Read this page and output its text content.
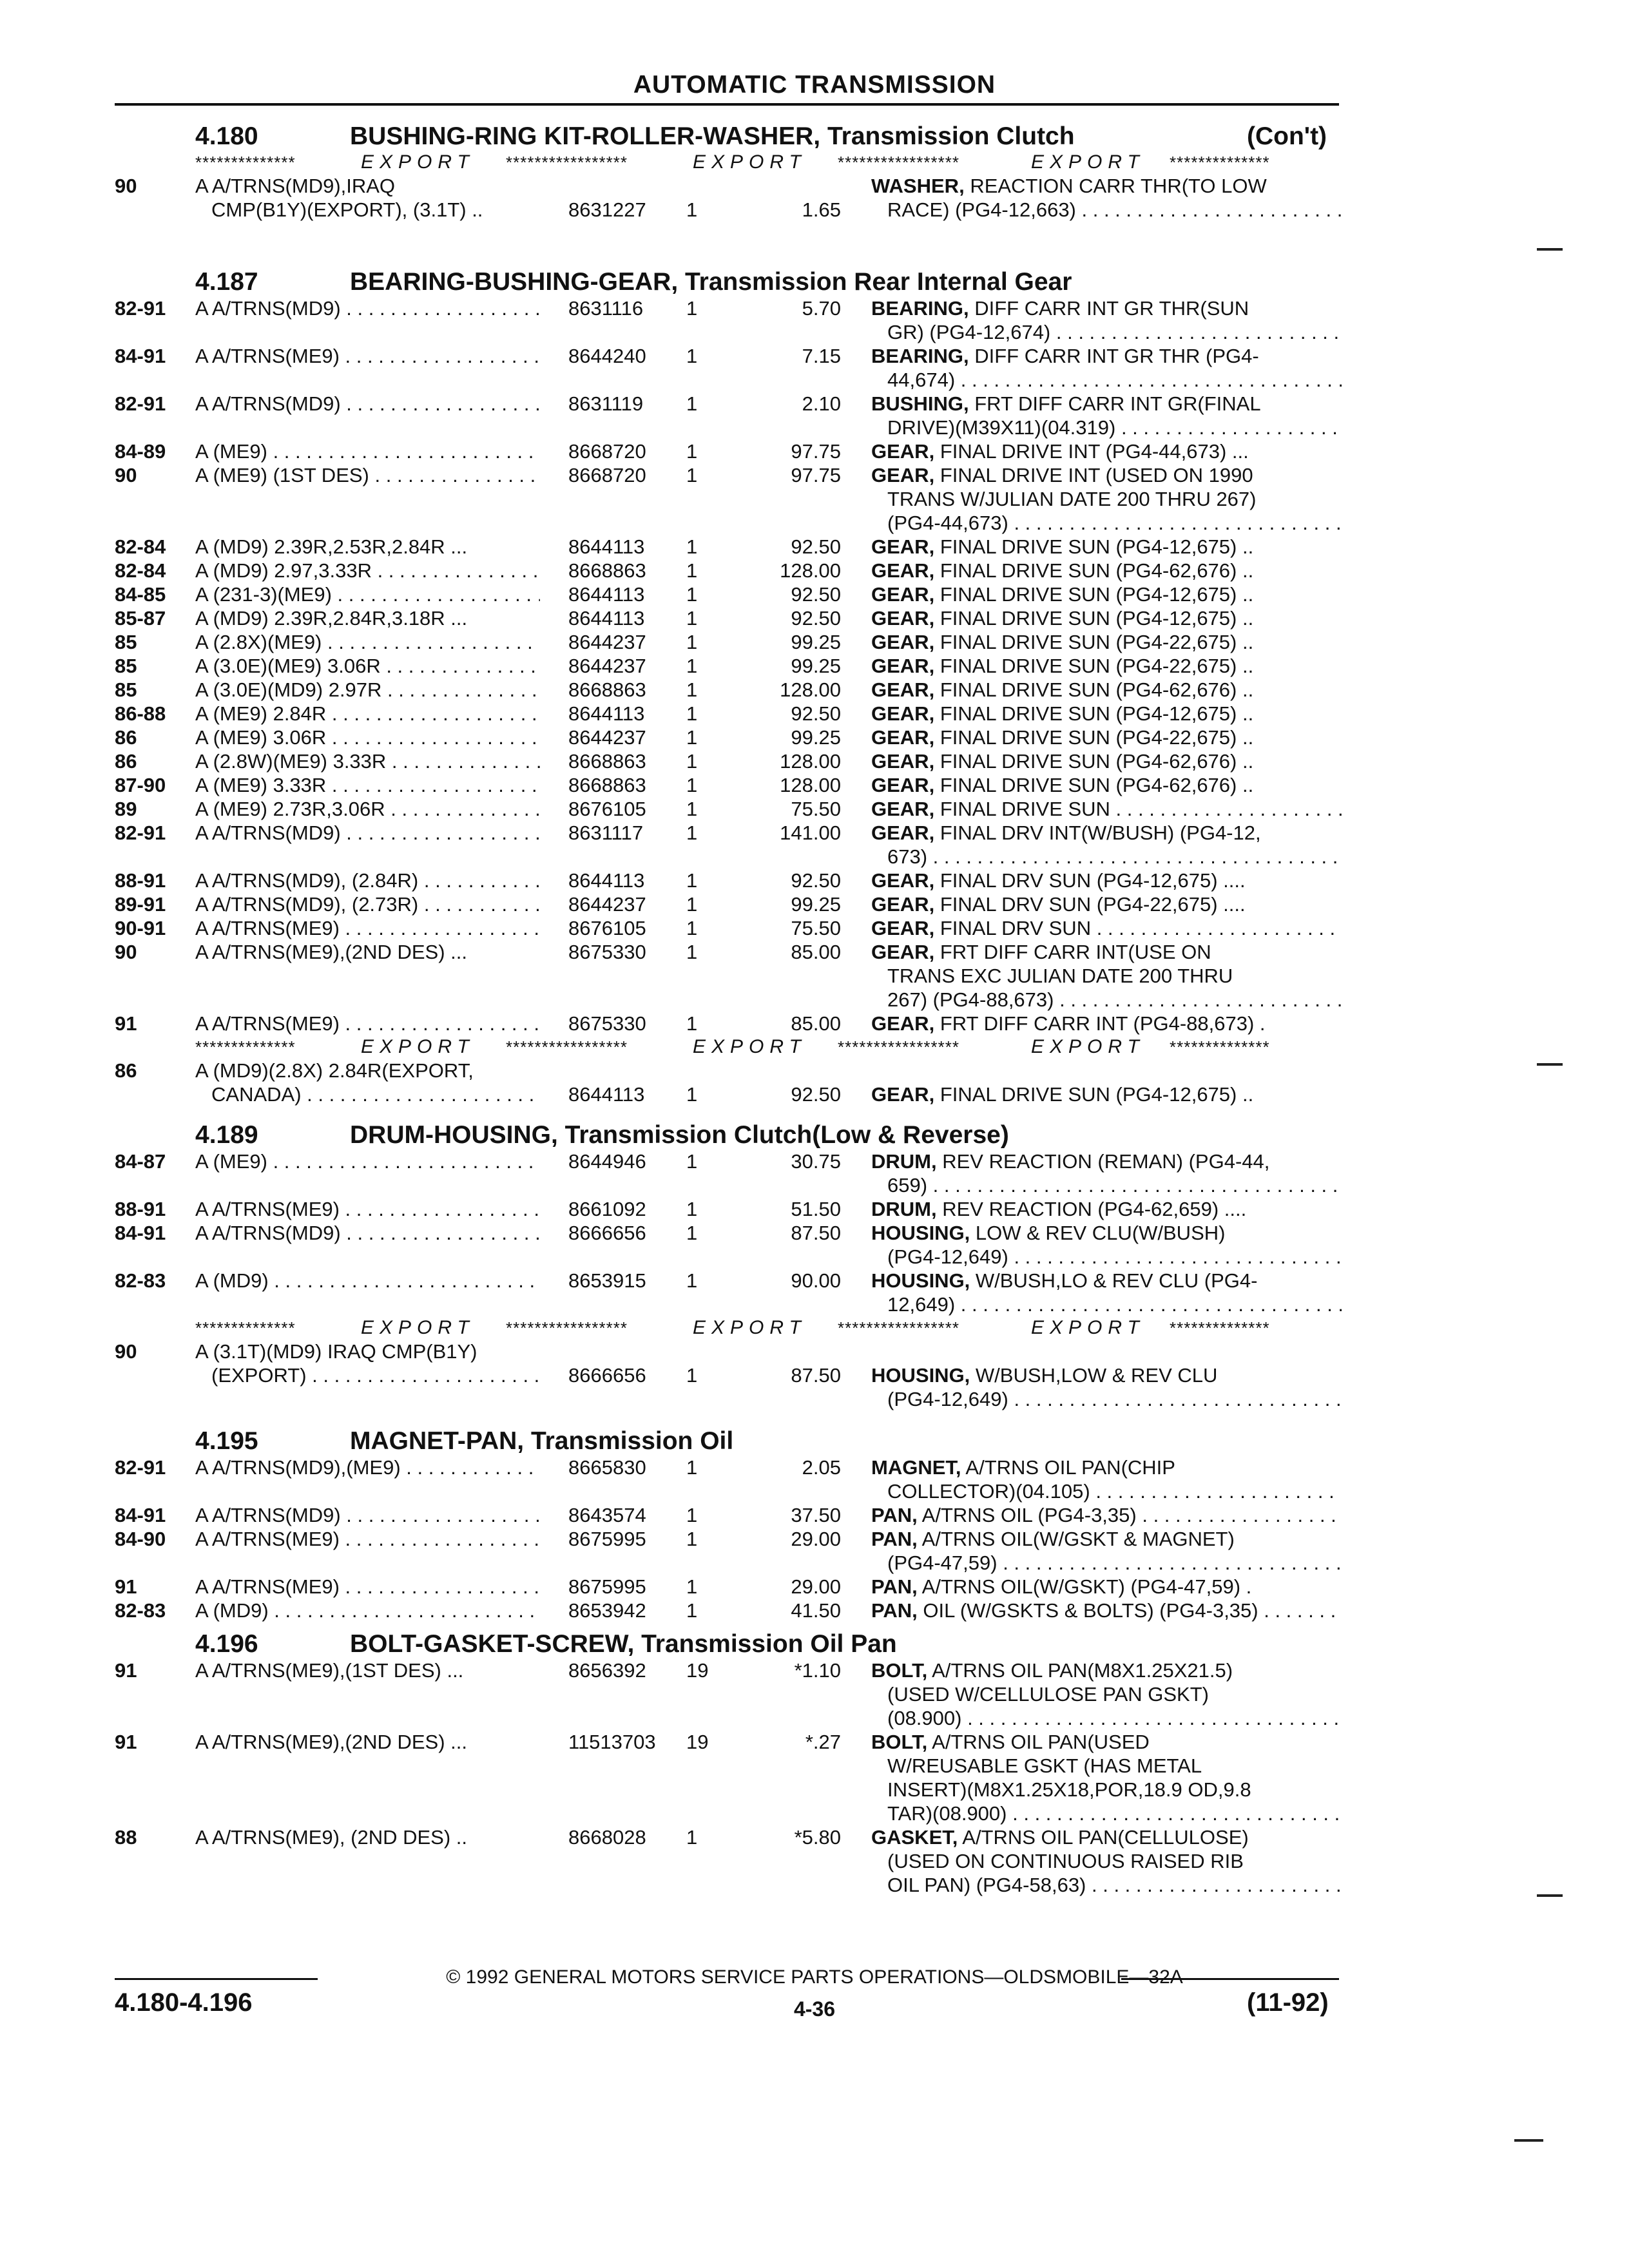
AUTOMATIC TRANSMISSION
4.180	BUSHING-RING KIT-ROLLER-WASHER, Transmission Clutch	(Con't)
**************	EXPORT *****************	EXPORT *****************	EXPORT **************
90	A A/TRNS(MD9),IRAQ
CMP(B1Y)(EXPORT), (3.1T) ..	8631227 1	1.65
WASHER, REACTION CARR THR(TO LOW
RACE) (PG4-12,663) . . .
4.187	BEARING-BUSHING-GEAR, Transmission Rear Internal Gear
82-91 A A/TRNS(MD9) . . .	8631116 1	5.70 BEARING, DIFF CARR INT GR THR(SUN
GR) (PG4-12,674) . . .
84-91 A A/TRNS(ME9) . . .	8644240 1	7.15 BEARING, DIFF CARR INT GR THR (PG4-
44,674) . . .
82-91 A A/TRNS(MD9) . . .	8631119 1	2.10 BUSHING, FRT DIFF CARR INT GR(FINAL
DRIVE)(M39X11)(04.319) . . .
84-89 A (ME9) . . .	8668720 1	97.75 GEAR, FINAL DRIVE INT (PG4-44,673) ...
90	A (ME9) (1ST DES) . . .	8668720 1	97.75 GEAR, FINAL DRIVE INT (USED ON 1990
TRANS W/JULIAN DATE 200 THRU 267)
(PG4-44,673) . . .
82-84 A (MD9) 2.39R,2.53R,2.84R ...	8644113 1	92.50 GEAR, FINAL DRIVE SUN (PG4-12,675) ..
82-84 A (MD9) 2.97,3.33R . . .	8668863 1	128.00 GEAR, FINAL DRIVE SUN (PG4-62,676) ..
84-85 A (231-3)(ME9) . . .	8644113 1	92.50 GEAR, FINAL DRIVE SUN (PG4-12,675) ..
85-87 A (MD9) 2.39R,2.84R,3.18R ...	8644113 1	92.50 GEAR, FINAL DRIVE SUN (PG4-12,675) ..
85	A (2.8X)(ME9) . . .	8644237 1	99.25 GEAR, FINAL DRIVE SUN (PG4-22,675) ..
85	A (3.0E)(ME9) 3.06R . . .	8644237 1	99.25 GEAR, FINAL DRIVE SUN (PG4-22,675) ..
85	A (3.0E)(MD9) 2.97R . . .	8668863 1	128.00 GEAR, FINAL DRIVE SUN (PG4-62,676) ..
86-88 A (ME9) 2.84R . . .	8644113 1	92.50 GEAR, FINAL DRIVE SUN (PG4-12,675) ..
86	A (ME9) 3.06R . . .	8644237 1	99.25 GEAR, FINAL DRIVE SUN (PG4-22,675) ..
86	A (2.8W)(ME9) 3.33R . . .	8668863 1	128.00 GEAR, FINAL DRIVE SUN (PG4-62,676) ..
87-90 A (ME9) 3.33R . . .	8668863 1	128.00 GEAR, FINAL DRIVE SUN (PG4-62,676) ..
89	A (ME9) 2.73R,3.06R . . .	8676105 1	75.50 GEAR, FINAL DRIVE SUN . . .
82-91 A A/TRNS(MD9) . . .	8631117 1	141.00 GEAR, FINAL DRV INT(W/BUSH) (PG4-12,
673) . . .
88-91 A A/TRNS(MD9), (2.84R) . . .	8644113 1	92.50 GEAR, FINAL DRV SUN (PG4-12,675) ....
89-91 A A/TRNS(MD9), (2.73R) . . .	8644237 1	99.25 GEAR, FINAL DRV SUN (PG4-22,675) ....
90-91 A A/TRNS(ME9) . . .	8676105 1	75.50 GEAR, FINAL DRV SUN . . .
90	A A/TRNS(ME9),(2ND DES) ...	8675330 1	85.00 GEAR, FRT DIFF CARR INT(USE ON
TRANS EXC JULIAN DATE 200 THRU
267) (PG4-88,673) . . .
91	A A/TRNS(ME9) . . .	8675330 1	85.00 GEAR, FRT DIFF CARR INT (PG4-88,673) .
**************	EXPORT *****************	EXPORT *****************	EXPORT **************
86	A (MD9)(2.8X) 2.84R(EXPORT,
CANADA) . . .	8644113 1	92.50 GEAR, FINAL DRIVE SUN (PG4-12,675) ..
4.189	DRUM-HOUSING, Transmission Clutch(Low & Reverse)
84-87 A (ME9) . . .	8644946 1	30.75 DRUM, REV REACTION (REMAN) (PG4-44,
659) . . .
88-91 A A/TRNS(ME9) . . .	8661092 1	51.50 DRUM, REV REACTION (PG4-62,659) ....
84-91 A A/TRNS(MD9) . . .	8666656 1	87.50 HOUSING, LOW & REV CLU(W/BUSH)
(PG4-12,649) . . .
82-83 A (MD9) . . .	8653915 1	90.00 HOUSING, W/BUSH,LO & REV CLU (PG4-
12,649) . . .
**************	EXPORT *****************	EXPORT *****************	EXPORT **************
90	A (3.1T)(MD9) IRAQ CMP(B1Y)
(EXPORT) . . .	8666656 1	87.50 HOUSING, W/BUSH,LOW & REV CLU
(PG4-12,649) . . .
4.195	MAGNET-PAN, Transmission Oil
82-91 A A/TRNS(MD9),(ME9) . . .	8665830 1	2.05 MAGNET, A/TRNS OIL PAN(CHIP
COLLECTOR)(04.105) . . .
84-91 A A/TRNS(MD9) . . .	8643574 1	37.50 PAN, A/TRNS OIL (PG4-3,35) . . .
84-90 A A/TRNS(ME9) . . .	8675995 1	29.00 PAN, A/TRNS OIL(W/GSKT & MAGNET)
(PG4-47,59) . . .
91	A A/TRNS(ME9) . . .	8675995 1	29.00 PAN, A/TRNS OIL(W/GSKT) (PG4-47,59) .
82-83 A (MD9) . . .	8653942 1	41.50 PAN, OIL (W/GSKTS & BOLTS) (PG4-3,35) . . .
4.196	BOLT-GASKET-SCREW, Transmission Oil Pan
91	A A/TRNS(ME9),(1ST DES) ...	8656392 19	*1.10 BOLT, A/TRNS OIL PAN(M8X1.25X21.5)
(USED W/CELLULOSE PAN GSKT)
(08.900) . . .
91	A A/TRNS(ME9),(2ND DES) ...	11513703 19	*.27 BOLT, A/TRNS OIL PAN(USED
W/REUSABLE GSKT (HAS METAL
INSERT)(M8X1.25X18,POR,18.9 OD,9.8
TAR)(08.900) . . .
88	A A/TRNS(ME9), (2ND DES) ..	8668028 1	*5.80 GASKET, A/TRNS OIL PAN(CELLULOSE)
(USED ON CONTINUOUS RAISED RIB
OIL PAN) (PG4-58,63) . . .
© 1992 GENERAL MOTORS SERVICE PARTS OPERATIONS—OLDSMOBILE—32A
4.180-4.196	4-36	(11-92)
